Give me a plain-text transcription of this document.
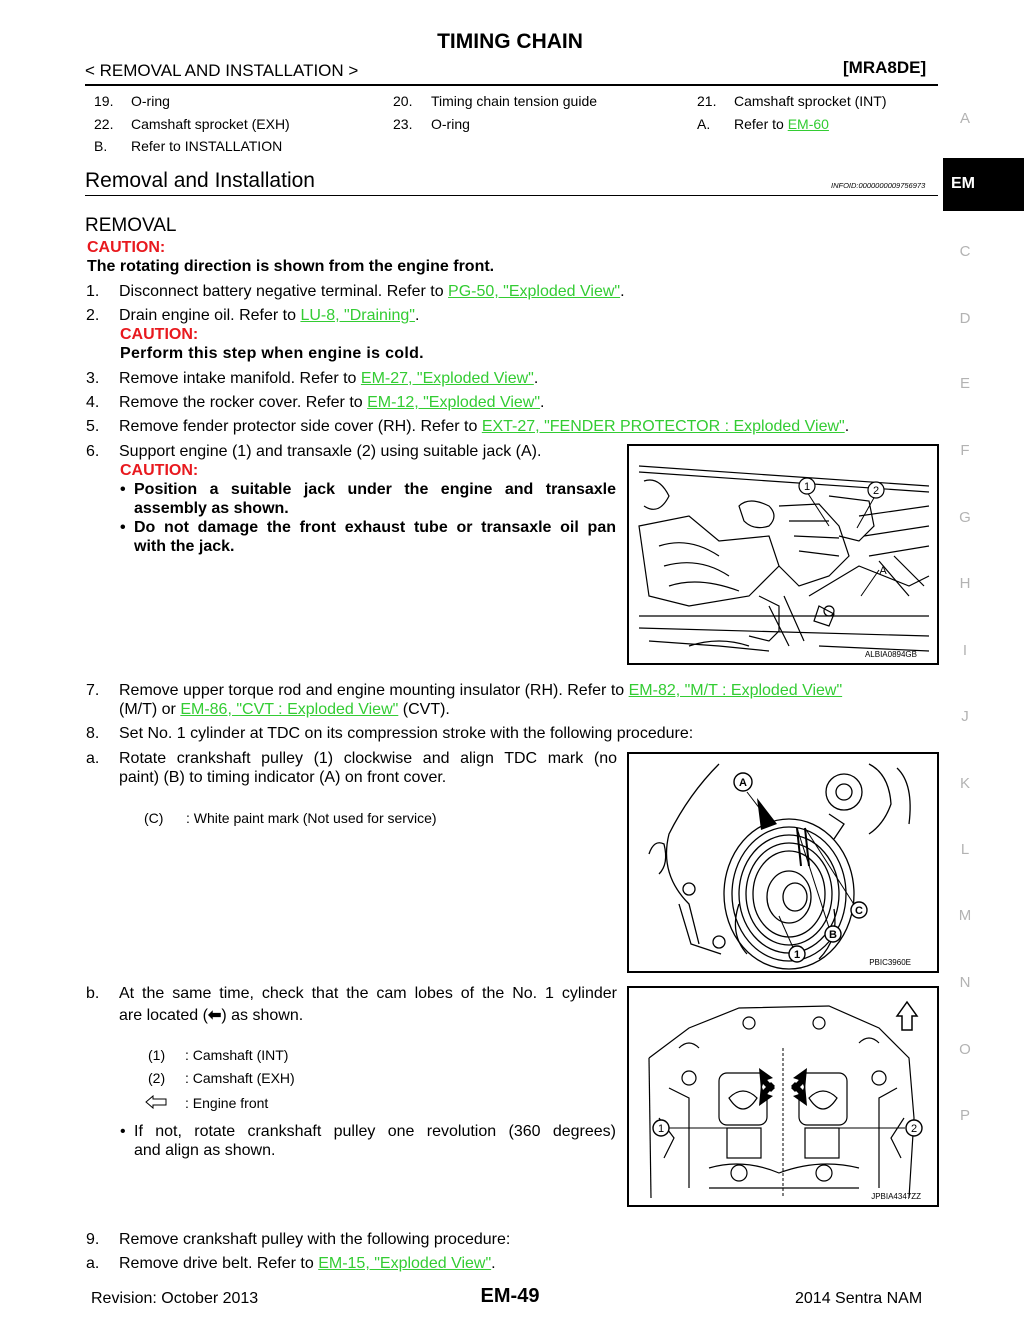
TIMING CHAIN
< REMOVAL AND INSTALLATION >	[MRA8DE]
19. O-ring	20. Timing chain tension guide	21. Camshaft sprocket (INT)
22. Camshaft sprocket (EXH)	23. O-ring	A. Refer to EM-60
B. Refer to INSTALLATION
Removal and Installation	INFOID:0000000009756973
A
EM
C
D
E
F
G
H
I
J
K
L
M
N
O
P
REMOVAL
CAUTION:
The rotating direction is shown from the engine front.
1. Disconnect battery negative terminal. Refer to PG-50, "Exploded View".
2. Drain engine oil. Refer to LU-8, "Draining".
CAUTION:
Perform this step when engine is cold.
3. Remove intake manifold. Refer to EM-27, "Exploded View".
4. Remove the rocker cover. Refer to EM-12, "Exploded View".
5. Remove fender protector side cover (RH). Refer to EXT-27, "FENDER PROTECTOR : Exploded View".
6. Support engine (1) and transaxle (2) using suitable jack (A).
CAUTION:
• Position a suitable jack under the engine and transaxle
assembly as shown.
• Do not damage the front exhaust tube or transaxle oil pan
with the jack.
1	2
A
ALBIA0894GB
7. Remove upper torque rod and engine mounting insulator (RH). Refer to EM-82, "M/T : Exploded View"
(M/T) or EM-86, "CVT : Exploded View" (CVT).
8. Set No. 1 cylinder at TDC on its compression stroke with the following procedure:
a. Rotate crankshaft pulley (1) clockwise and align TDC mark (no
paint) (B) to timing indicator (A) on front cover.
(C) : White paint mark (Not used for service)
A
B
C
1
PBIC3960E
b. At the same time, check that the cam lobes of the No. 1 cylinder
are located (⬅) as shown.
(1) : Camshaft (INT)
(2) : Camshaft (EXH)
: Engine front
• If not, rotate crankshaft pulley one revolution (360 degrees)
and align as shown.
1	2
JPBIA4347ZZ
9. Remove crankshaft pulley with the following procedure:
a. Remove drive belt. Refer to EM-15, "Exploded View".
Revision: October 2013	EM-49	2014 Sentra NAM
